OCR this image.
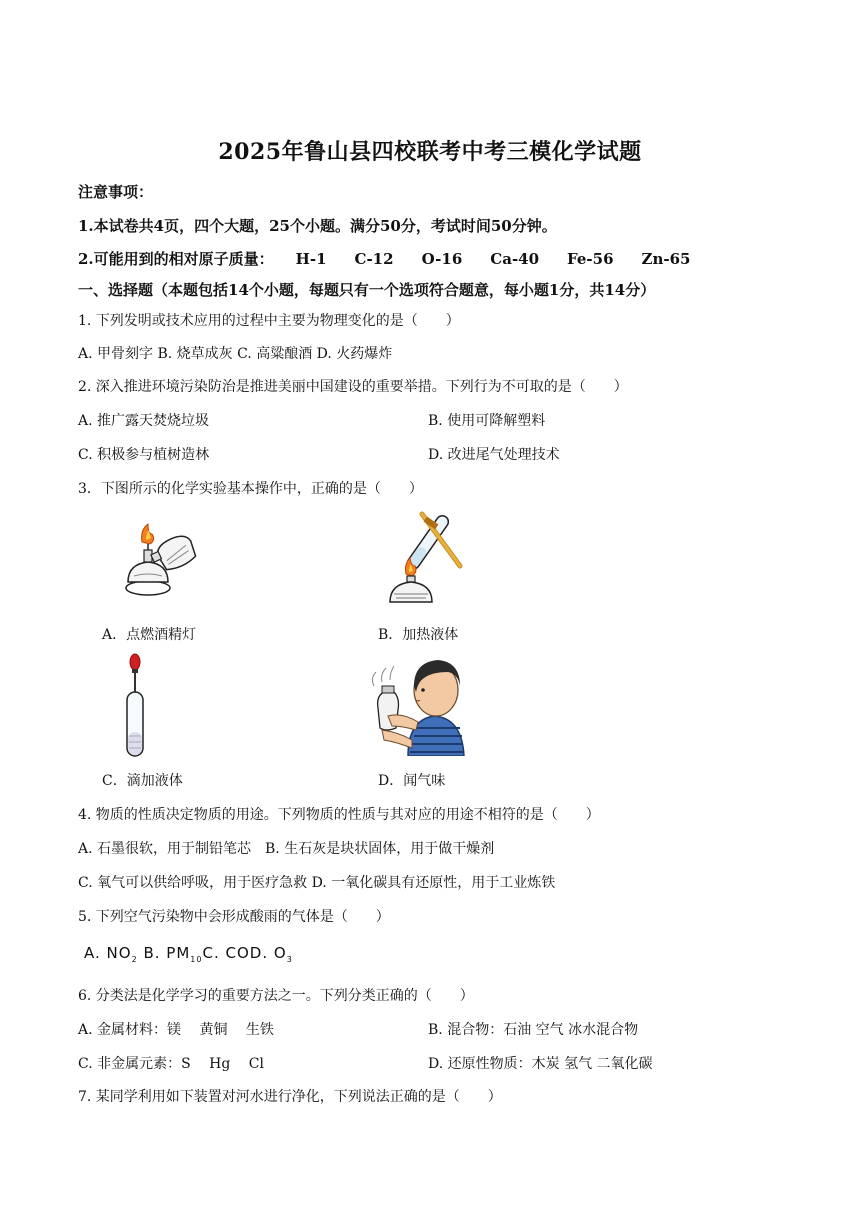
2025年鲁山县四校联考中考三模化学试题
注意事项：
1.本试卷共4页，四个大题，25个小题。满分50分，考试时间50分钟。
2.可能用到的相对原子质量： H-1 C-12 O-16 Ca-40 Fe-56 Zn-65
一、选择题（本题包括14个小题，每题只有一个选项符合题意，每小题1分，共14分）
1. 下列发明或技术应用的过程中主要为物理变化的是（　　）
A. 甲骨刻字 B. 烧草成灰 C. 高粱酿酒 D. 火药爆炸
2. 深入推进环境污染防治是推进美丽中国建设的重要举措。下列行为不可取的是（　　）
A. 推广露天焚烧垃圾	B. 使用可降解塑料
C. 积极参与植树造林	D. 改进尾气处理技术
3．下图所示的化学实验基本操作中，正确的是（　　）
A．点燃酒精灯	B．加热液体
C．滴加液体	D．闻气味
4. 物质的性质决定物质的用途。下列物质的性质与其对应的用途不相符的是（　　）
A. 石墨很软，用于制铅笔芯　B. 生石灰是块状固体，用于做干燥剂
C. 氧气可以供给呼吸，用于医疗急救 D. 一氧化碳具有还原性，用于工业炼铁
5. 下列空气污染物中会形成酸雨的气体是（　　）
A. $NO_2$ B. $PM_{10}C$. COD. $O_3$
6. 分类法是化学学习的重要方法之一。下列分类正确的（　　）
A. 金属材料：镁　 黄铜　 生铁	B. 混合物：石油 空气 冰水混合物
C. 非金属元素：S　 Hg　 Cl	D. 还原性物质：木炭 氢气 二氧化碳
7. 某同学利用如下装置对河水进行净化，下列说法正确的是（　　）
